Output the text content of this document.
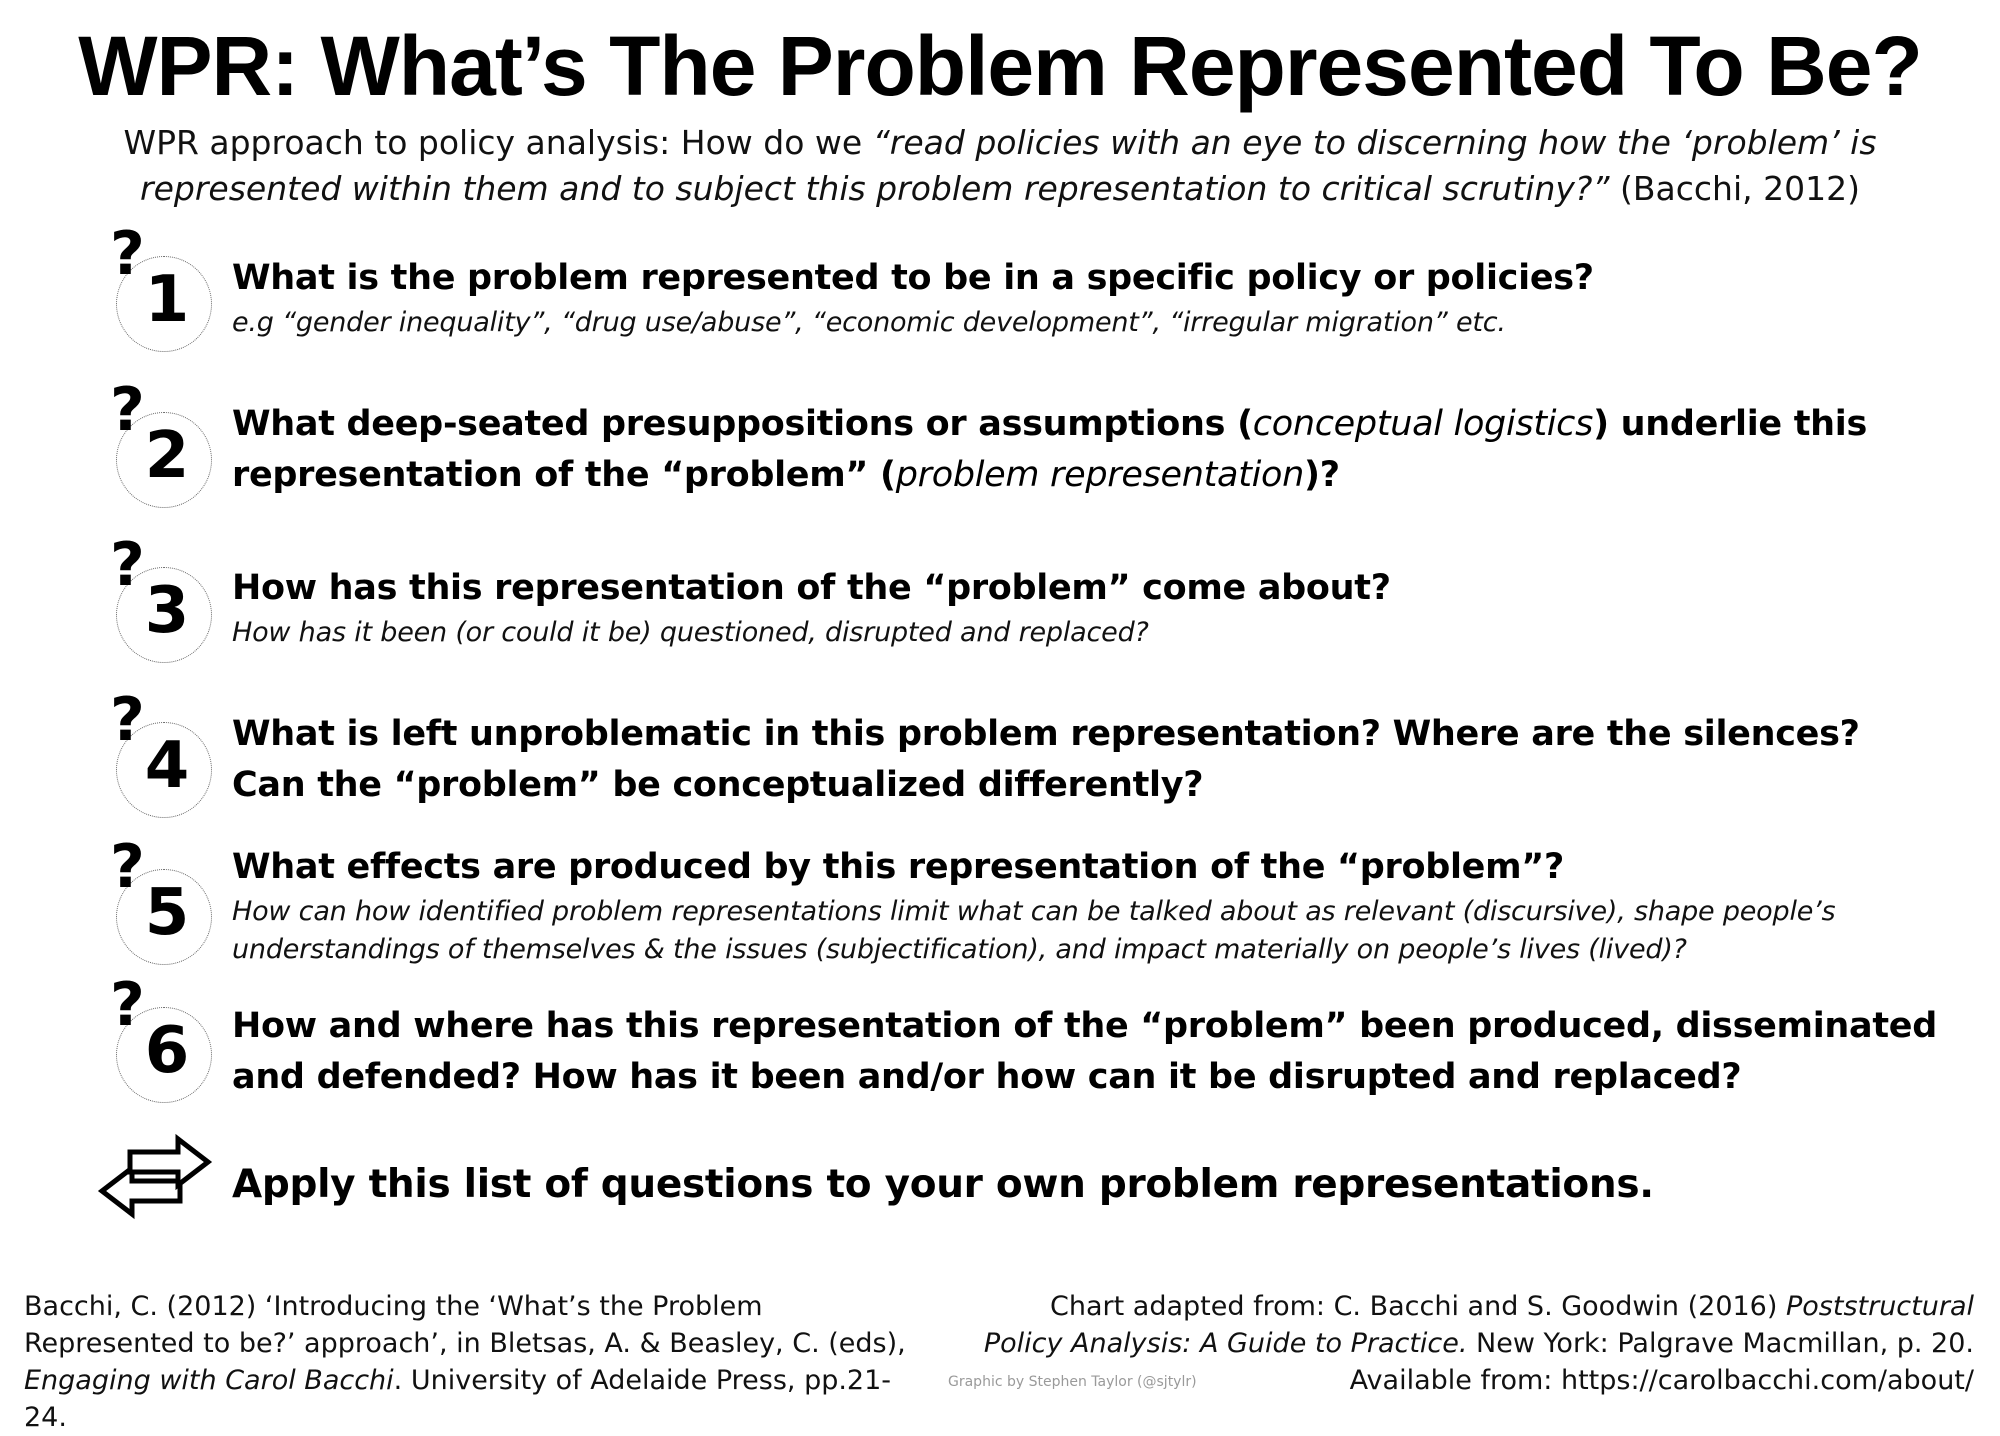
WPR: What’s The Problem Represented To Be?

WPR approach to policy analysis: How do we “read policies with an eye to discerning how the ‘problem’ is represented within them and to subject this problem representation to critical scrutiny?” (Bacchi, 2012)

?
1	What is the problem represented to be in a specific policy or policies?
e.g “gender inequality”, “drug use/abuse”, “economic development”, “irregular migration” etc.
?
2	What deep-seated presuppositions or assumptions (conceptual logistics) underlie this representation of the “problem” (problem representation)?
?
3	How has this representation of the “problem” come about?
How has it been (or could it be) questioned, disrupted and replaced?
?
4	What is left unproblematic in this problem representation? Where are the silences?
Can the “problem” be conceptualized differently?
?
5
What effects are produced by this representation of the “problem”?
How can how identified problem representations limit what can be talked about as relevant (discursive), shape people’s understandings of themselves & the issues (subjectification), and impact materially on people’s lives (lived)?
?
6	How and where has this representation of the “problem” been produced, disseminated and defended? How has it been and/or how can it be disrupted and replaced?
Apply this list of questions to your own problem representations.
Bacchi, C. (2012) ‘Introducing the ‘What’s the Problem Represented to be?’ approach’, in Bletsas, A. & Beasley, C. (eds), Engaging with Carol Bacchi. University of Adelaide Press, pp.21-24.
Chart adapted from: C. Bacchi and S. Goodwin (2016) Poststructural Policy Analysis: A Guide to Practice. New York: Palgrave Macmillan, p. 20.
Available from: https://carolbacchi.com/about/
Graphic by Stephen Taylor (@sjtylr)
